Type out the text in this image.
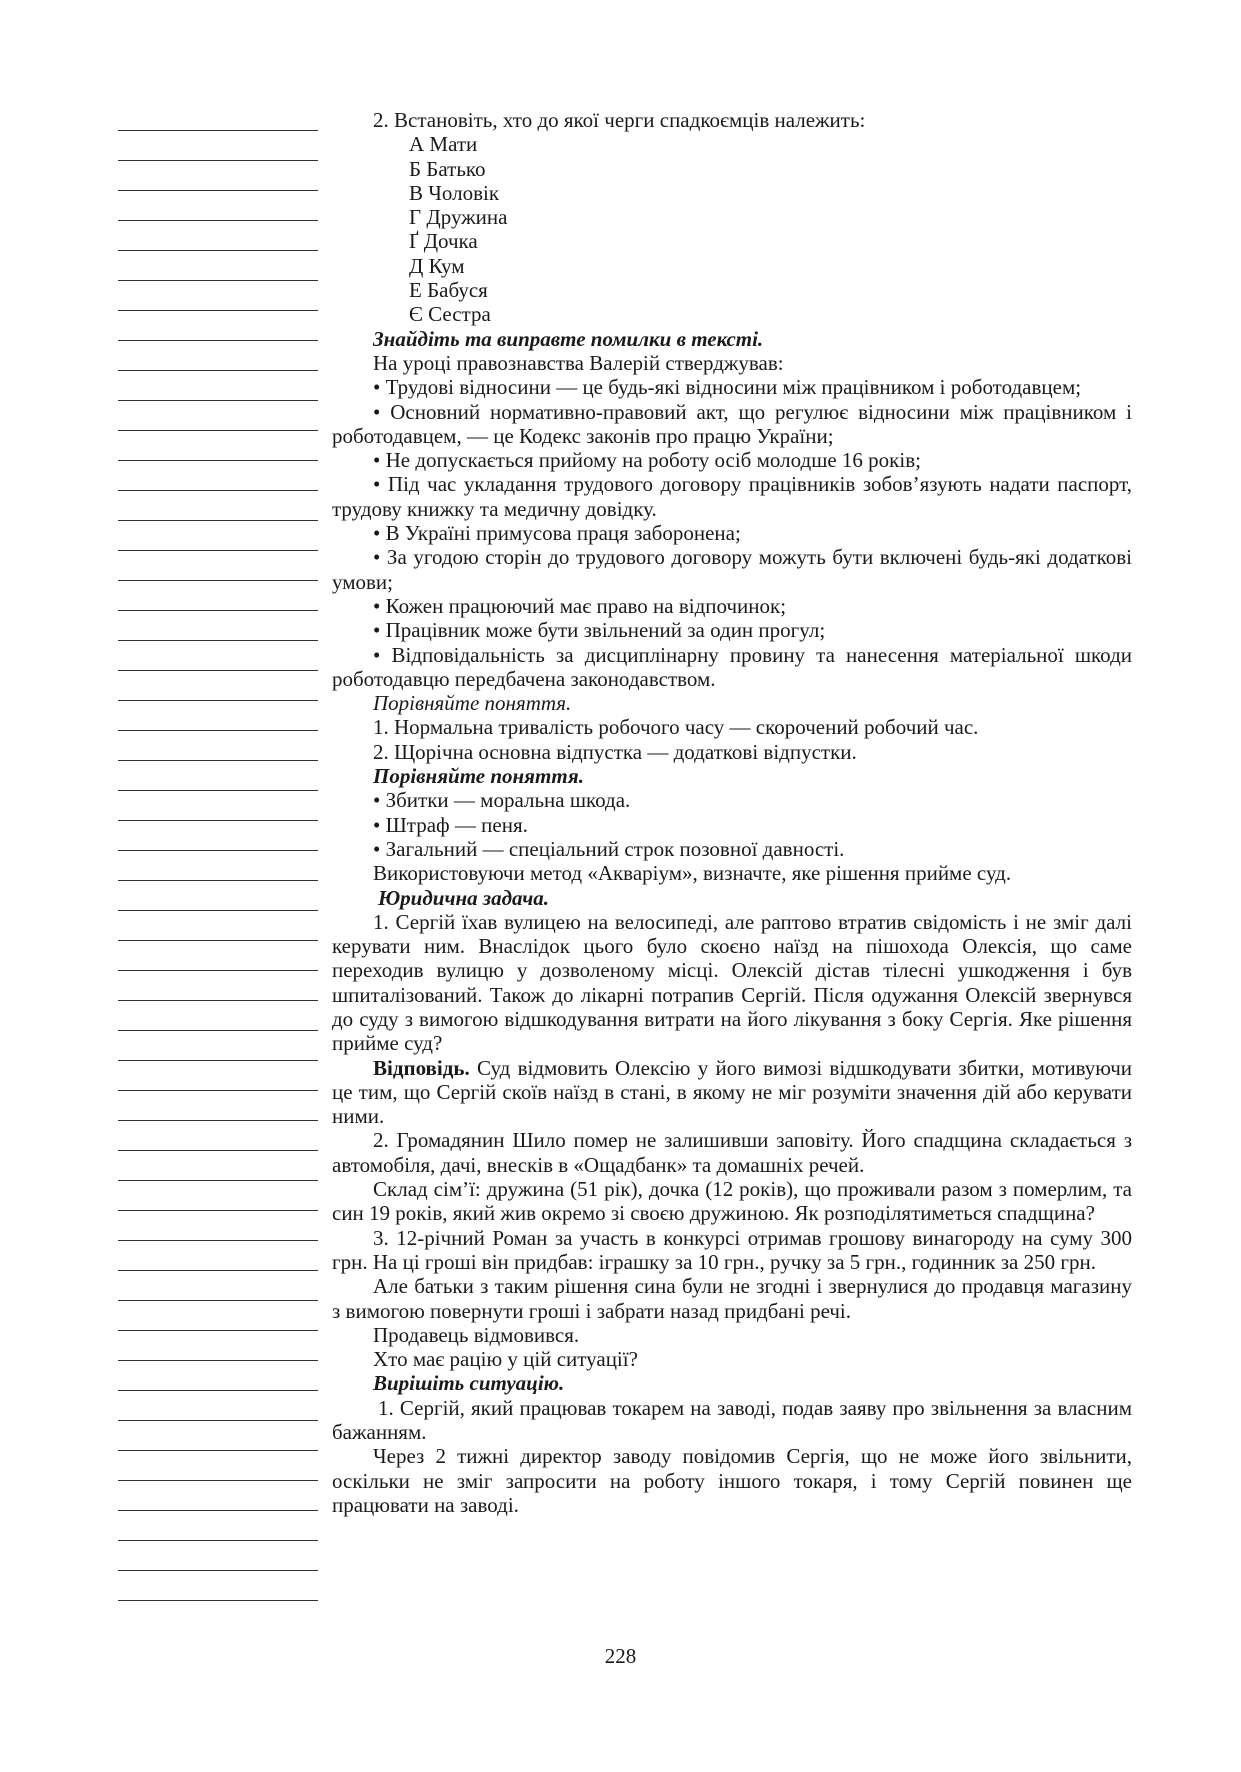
2. Встановіть, хто до якої черги спадкоємців належить:

А Мати

Б Батько

В Чоловік

Г Дружина

Ґ Дочка

Д Кум

Е Бабуся

Є Сестра

Знайдіть та виправте помилки в тексті.

На уроці правознавства Валерій стверджував:

• Трудові відносини — це будь-які відносини між працівником і роботодавцем;

• Основний нормативно-правовий акт, що регулює відносини між працівником і роботодавцем, — це Кодекс законів про працю України;

• Не допускається прийому на роботу осіб молодше 16 років;

• Під час укладання трудового договору працівників зобов’язують надати паспорт, трудову книжку та медичну довідку.

• В Україні примусова праця заборонена;

• За угодою сторін до трудового договору можуть бути включені будь-які додаткові умови;

• Кожен працюючий має право на відпочинок;

• Працівник може бути звільнений за один прогул;

• Відповідальність за дисциплінарну провину та нанесення матеріальної шкоди роботодавцю передбачена законодавством.

Порівняйте поняття.

1. Нормальна тривалість робочого часу — скорочений робочий час.

2. Щорічна основна відпустка — додаткові відпустки.

Порівняйте поняття.

• Збитки — моральна шкода.

• Штраф — пеня.

• Загальний — спеціальний строк позовної давності.

Використовуючи метод «Акваріум», визначте, яке рішення прийме суд.

Юридична задача.

1. Сергій їхав вулицею на велосипеді, але раптово втратив свідомість і не зміг далі керувати ним. Внаслідок цього було скоєно наїзд на пішохода Олексія, що саме переходив вулицю у дозволеному місці. Олексій дістав тілесні ушкодження і був шпиталізований. Також до лікарні потрапив Сергій. Після одужання Олексій звернувся до суду з вимогою відшкодування витрати на його лікування з боку Сергія. Яке рішення прийме суд?

Відповідь. Суд відмовить Олексію у його вимозі відшкодувати збитки, мотивуючи це тим, що Сергій скоїв наїзд в стані, в якому не міг розуміти значення дій або керувати ними.

2. Громадянин Шило помер не залишивши заповіту. Його спадщина складається з автомобіля, дачі, внесків в «Ощадбанк» та домашніх речей.

Склад сім’ї: дружина (51 рік), дочка (12 років), що проживали разом з померлим, та син 19 років, який жив окремо зі своєю дружиною. Як розподілятиметься спадщина?

3. 12-річний Роман за участь в конкурсі отримав грошову винагороду на суму 300 грн. На ці гроші він придбав: іграшку за 10 грн., ручку за 5 грн., годинник за 250 грн.

Але батьки з таким рішення сина були не згодні і звернулися до продавця магазину з вимогою повернути гроші і забрати назад придбані речі.

Продавець відмовився.

Хто має рацію у цій ситуації?

Вирішіть ситуацію.

1. Сергій, який працював токарем на заводі, подав заяву про звільнення за власним бажанням.

Через 2 тижні директор заводу повідомив Сергія, що не може його звільнити, оскільки не зміг запросити на роботу іншого токаря, і тому Сергій повинен ще працювати на заводі.

228
